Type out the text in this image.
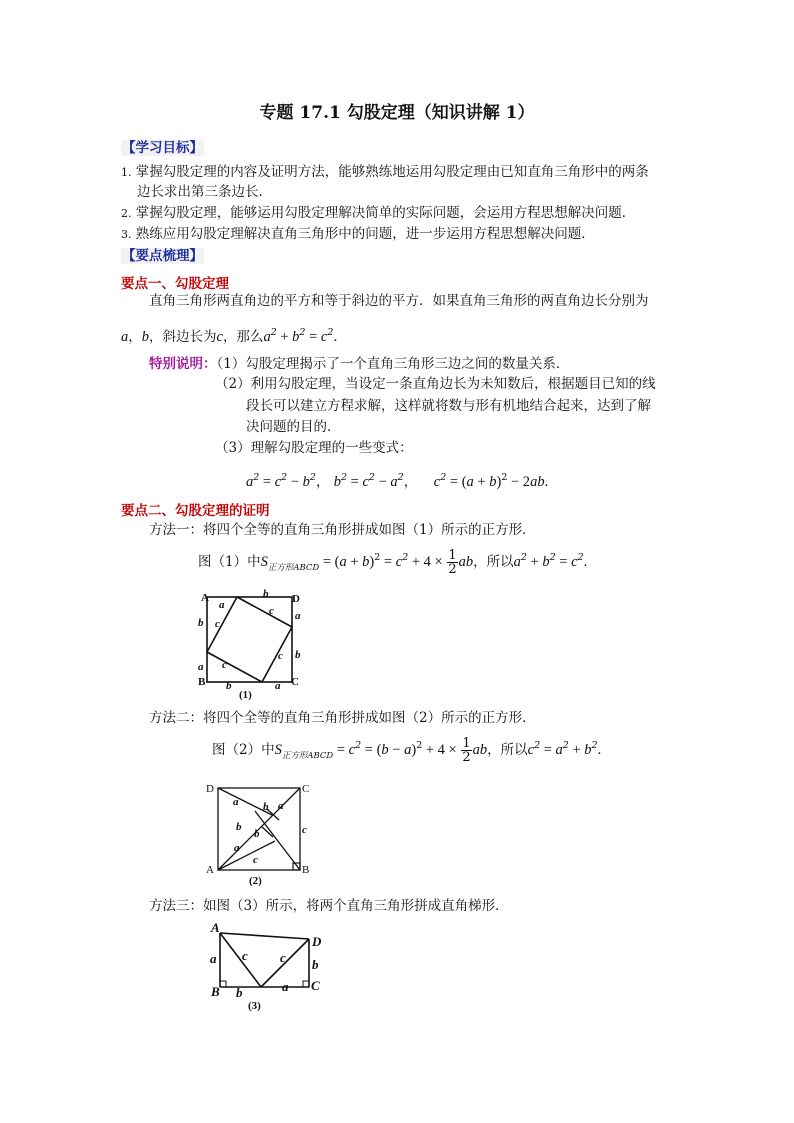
专题 17.1 勾股定理（知识讲解 1）
【学习目标】
1. 掌握勾股定理的内容及证明方法，能够熟练地运用勾股定理由已知直角三角形中的两条
边长求出第三条边长．
2. 掌握勾股定理，能够运用勾股定理解决简单的实际问题，会运用方程思想解决问题．
3. 熟练应用勾股定理解决直角三角形中的问题，进一步运用方程思想解决问题．
【要点梳理】
要点一、勾股定理
直角三角形两直角边的平方和等于斜边的平方．如果直角三角形的两直角边长分别为
a，b，斜边长为c，那么$a^2 + b^2 = c^2$．
特别说明：（1）勾股定理揭示了一个直角三角形三边之间的数量关系．
（2）利用勾股定理，当设定一条直角边长为未知数后，根据题目已知的线
段长可以建立方程求解，这样就将数与形有机地结合起来，达到了解
决问题的目的．
（3）理解勾股定理的一些变式：
$a^2 = c^2 - b^2$， $b^2 = c^2 - a^2$， $c^2 = (a + b)^2 - 2ab$.
要点二、勾股定理的证明
方法一：将四个全等的直角三角形拼成如图（1）所示的正方形．
图（1）中$S_{正方形ABCD} = (a + b)^2 = c^2 + 4 \times \frac{1}{2}$ ab，所以$a^2 + b^2 = c^2$.
A
B	C
D
a
b
b
a
a
b
b	a
c
c
c
c
(1)
方法二：将四个全等的直角三角形拼成如图（2）所示的正方形．
图（2）中$S_{正方形ABCD} = c^2 = (b - a)^2 + 4 \times \frac{1}{2}$ ab，所以$c^2 = a^2 + b^2$.
D	C
A	B
a b a
b
a
b
c
c
(2)
方法三：如图（3）所示，将两个直角三角形拼成直角梯形．
A
D
B	C
a c c b
b	a
(3)
